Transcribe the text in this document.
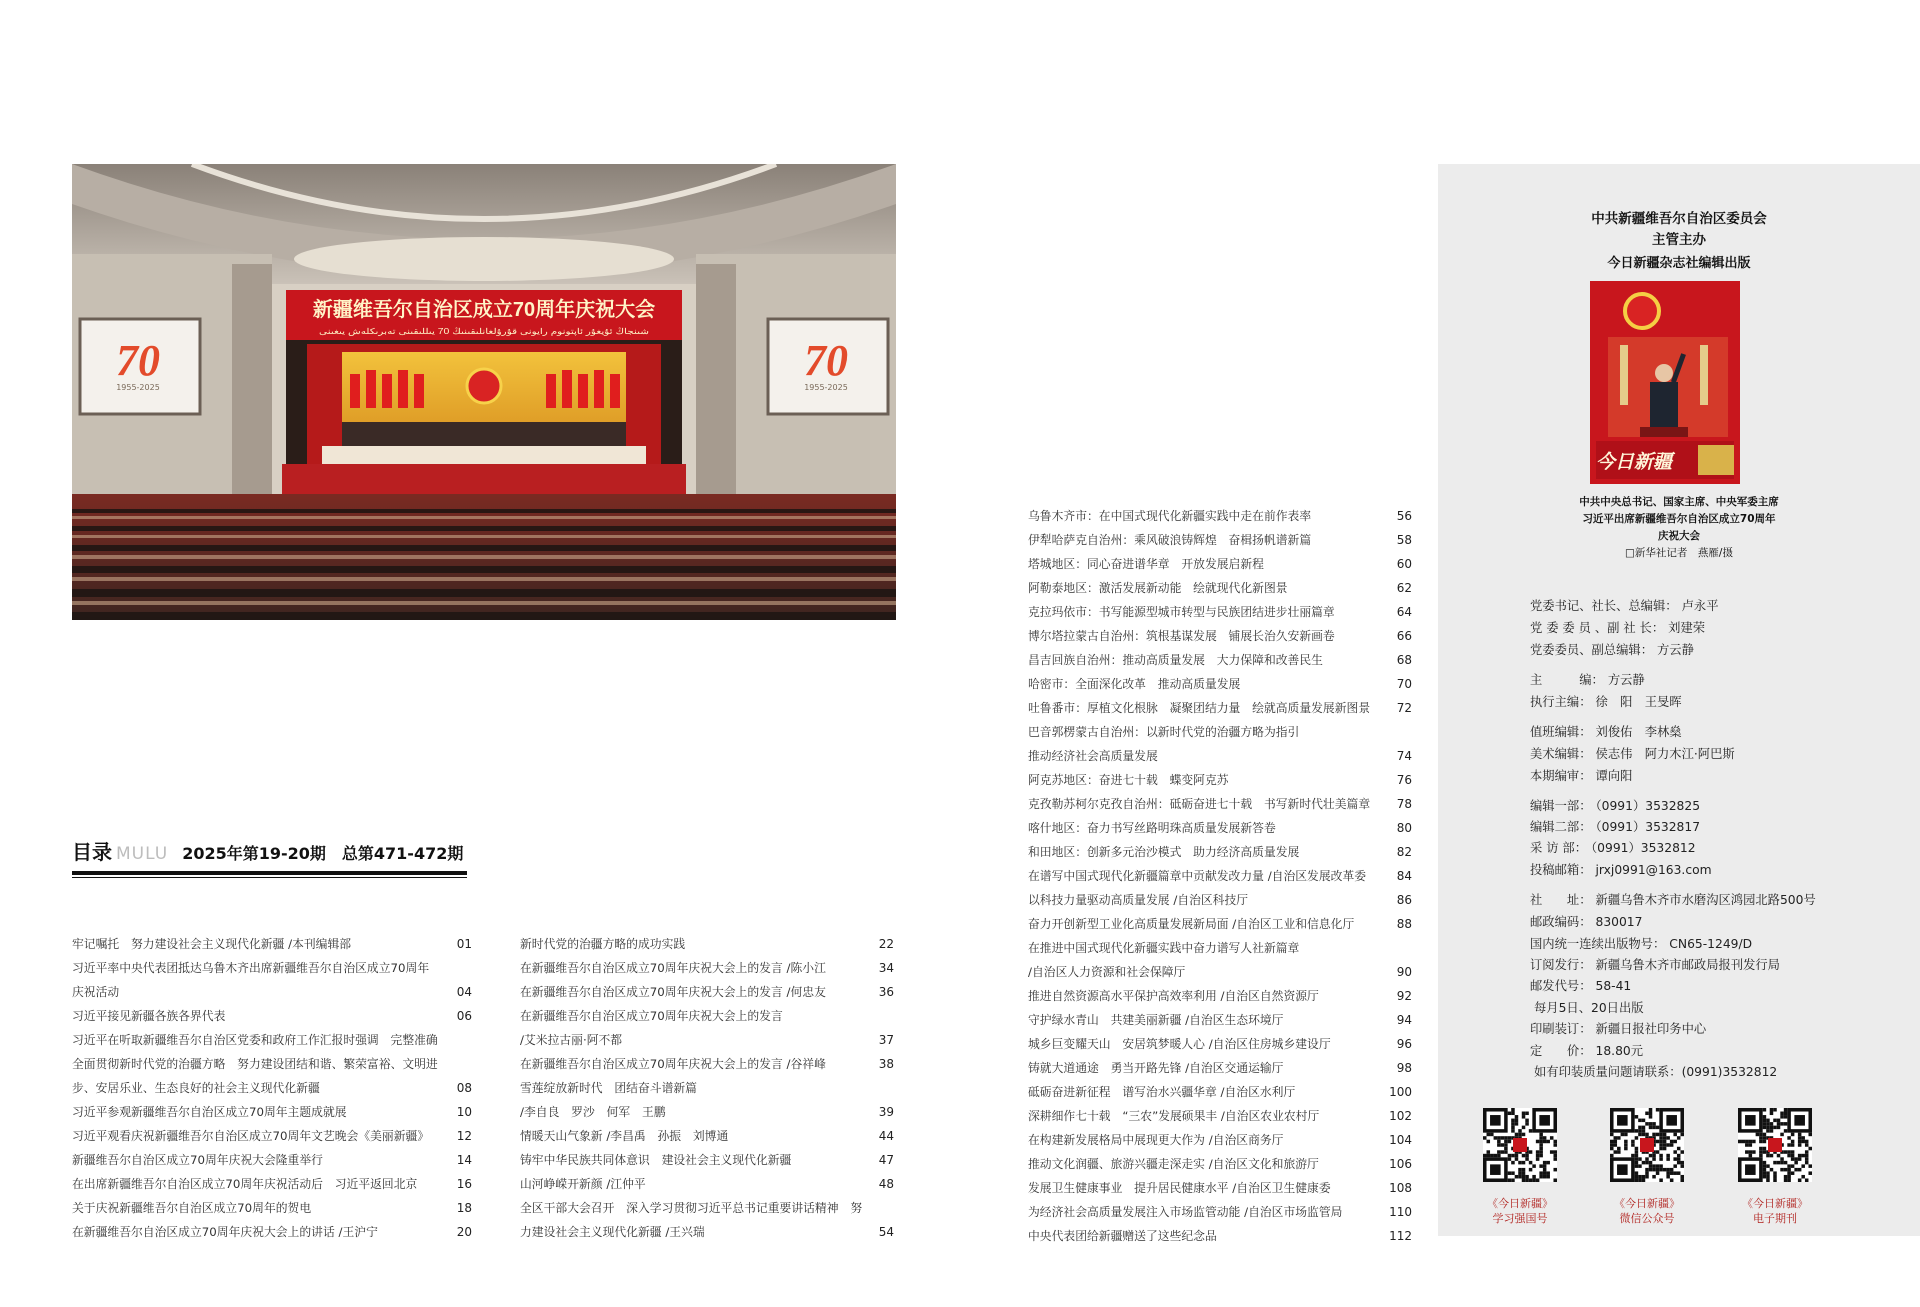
新疆维吾尔自治区成立70周年庆祝大会
شىنجاڭ ئۇيغۇر ئاپتونوم رايونى قۇرۇلغانلىقىنىڭ 70 يىللىقىنى تەبرىكلەش يىغىنى
70
1955-2025
70
1955-2025
目录 MULU 2025年第19-20期 总第471-472期
牢记嘱托　努力建设社会主义现代化新疆 /本刊编辑部	01
习近平率中央代表团抵达乌鲁木齐出席新疆维吾尔自治区成立70周年
庆祝活动	04
习近平接见新疆各族各界代表	06
习近平在听取新疆维吾尔自治区党委和政府工作汇报时强调　完整准确
全面贯彻新时代党的治疆方略　努力建设团结和谐、繁荣富裕、文明进
步、安居乐业、生态良好的社会主义现代化新疆	08
习近平参观新疆维吾尔自治区成立70周年主题成就展	10
习近平观看庆祝新疆维吾尔自治区成立70周年文艺晚会《美丽新疆》 12
新疆维吾尔自治区成立70周年庆祝大会隆重举行	14
在出席新疆维吾尔自治区成立70周年庆祝活动后　习近平返回北京	16
关于庆祝新疆维吾尔自治区成立70周年的贺电	18
在新疆维吾尔自治区成立70周年庆祝大会上的讲话 /王沪宁	20
新时代党的治疆方略的成功实践	22
在新疆维吾尔自治区成立70周年庆祝大会上的发言 /陈小江	34
在新疆维吾尔自治区成立70周年庆祝大会上的发言 /何忠友	36
在新疆维吾尔自治区成立70周年庆祝大会上的发言
/艾米拉古丽·阿不都	37
在新疆维吾尔自治区成立70周年庆祝大会上的发言 /谷祥峰	38
雪莲绽放新时代　团结奋斗谱新篇
/李自良　罗沙　何军　王鹏	39
情暖天山气象新 /李昌禹　孙振　刘博通	44
铸牢中华民族共同体意识　建设社会主义现代化新疆	47
山河峥嵘开新颜 /江仲平	48
全区干部大会召开　深入学习贯彻习近平总书记重要讲话精神　努
力建设社会主义现代化新疆 /王兴瑞	54
乌鲁木齐市：在中国式现代化新疆实践中走在前作表率	56
伊犁哈萨克自治州：乘风破浪铸辉煌　奋楫扬帆谱新篇	58
塔城地区：同心奋进谱华章　开放发展启新程	60
阿勒泰地区：激活发展新动能　绘就现代化新图景	62
克拉玛依市：书写能源型城市转型与民族团结进步壮丽篇章	64
博尔塔拉蒙古自治州：筑根基谋发展　铺展长治久安新画卷	66
昌吉回族自治州：推动高质量发展　大力保障和改善民生	68
哈密市：全面深化改革　推动高质量发展	70
吐鲁番市：厚植文化根脉　凝聚团结力量　绘就高质量发展新图景 72
巴音郭楞蒙古自治州：以新时代党的治疆方略为指引
推动经济社会高质量发展	74
阿克苏地区：奋进七十载　蝶变阿克苏	76
克孜勒苏柯尔克孜自治州：砥砺奋进七十载　书写新时代壮美篇章 78
喀什地区：奋力书写丝路明珠高质量发展新答卷	80
和田地区：创新多元治沙模式　助力经济高质量发展	82
在谱写中国式现代化新疆篇章中贡献发改力量 /自治区发展改革委	84
以科技力量驱动高质量发展 /自治区科技厅	86
奋力开创新型工业化高质量发展新局面 /自治区工业和信息化厅	88
在推进中国式现代化新疆实践中奋力谱写人社新篇章
/自治区人力资源和社会保障厅	90
推进自然资源高水平保护高效率利用 /自治区自然资源厅	92
守护绿水青山　共建美丽新疆 /自治区生态环境厅	94
城乡巨变耀天山　安居筑梦暖人心 /自治区住房城乡建设厅	96
铸就大道通途　勇当开路先锋 /自治区交通运输厅	98
砥砺奋进新征程　谱写治水兴疆华章 /自治区水利厅	100
深耕细作七十载　“三农”发展硕果丰 /自治区农业农村厅	102
在构建新发展格局中展现更大作为 /自治区商务厅	104
推动文化润疆、旅游兴疆走深走实 /自治区文化和旅游厅	106
发展卫生健康事业　提升居民健康水平 /自治区卫生健康委	108
为经济社会高质量发展注入市场监管动能 /自治区市场监管局	110
中央代表团给新疆赠送了这些纪念品	112
中共新疆维吾尔自治区委员会
主管主办
今日新疆杂志社编辑出版
今日新疆
中共中央总书记、国家主席、中央军委主席
习近平出席新疆维吾尔自治区成立70周年
庆祝大会
□新华社记者　燕雁/摄
党委书记、社长、总编辑： 卢永平
党 委 委 员 、副 社 长： 刘建荣
党委委员、副总编辑： 方云静
主　　　编： 方云静
执行主编： 徐　阳　王旻晖
值班编辑： 刘俊佑　李林燊
美术编辑： 侯志伟　阿力木江·阿巴斯
本期编审： 谭向阳
编辑一部： （0991）3532825
编辑二部： （0991）3532817
采 访 部： （0991）3532812
投稿邮箱： jrxj0991@163.com
社　　址： 新疆乌鲁木齐市水磨沟区鸿园北路500号
邮政编码： 830017
国内统一连续出版物号： CN65-1249/D
订阅发行： 新疆乌鲁木齐市邮政局报刊发行局
邮发代号： 58-41
每月5日、20日出版
印刷装订： 新疆日报社印务中心
定　　价： 18.80元
如有印装质量问题请联系：(0991)3532812
《今日新疆》
学习强国号
《今日新疆》
微信公众号
《今日新疆》
电子期刊
